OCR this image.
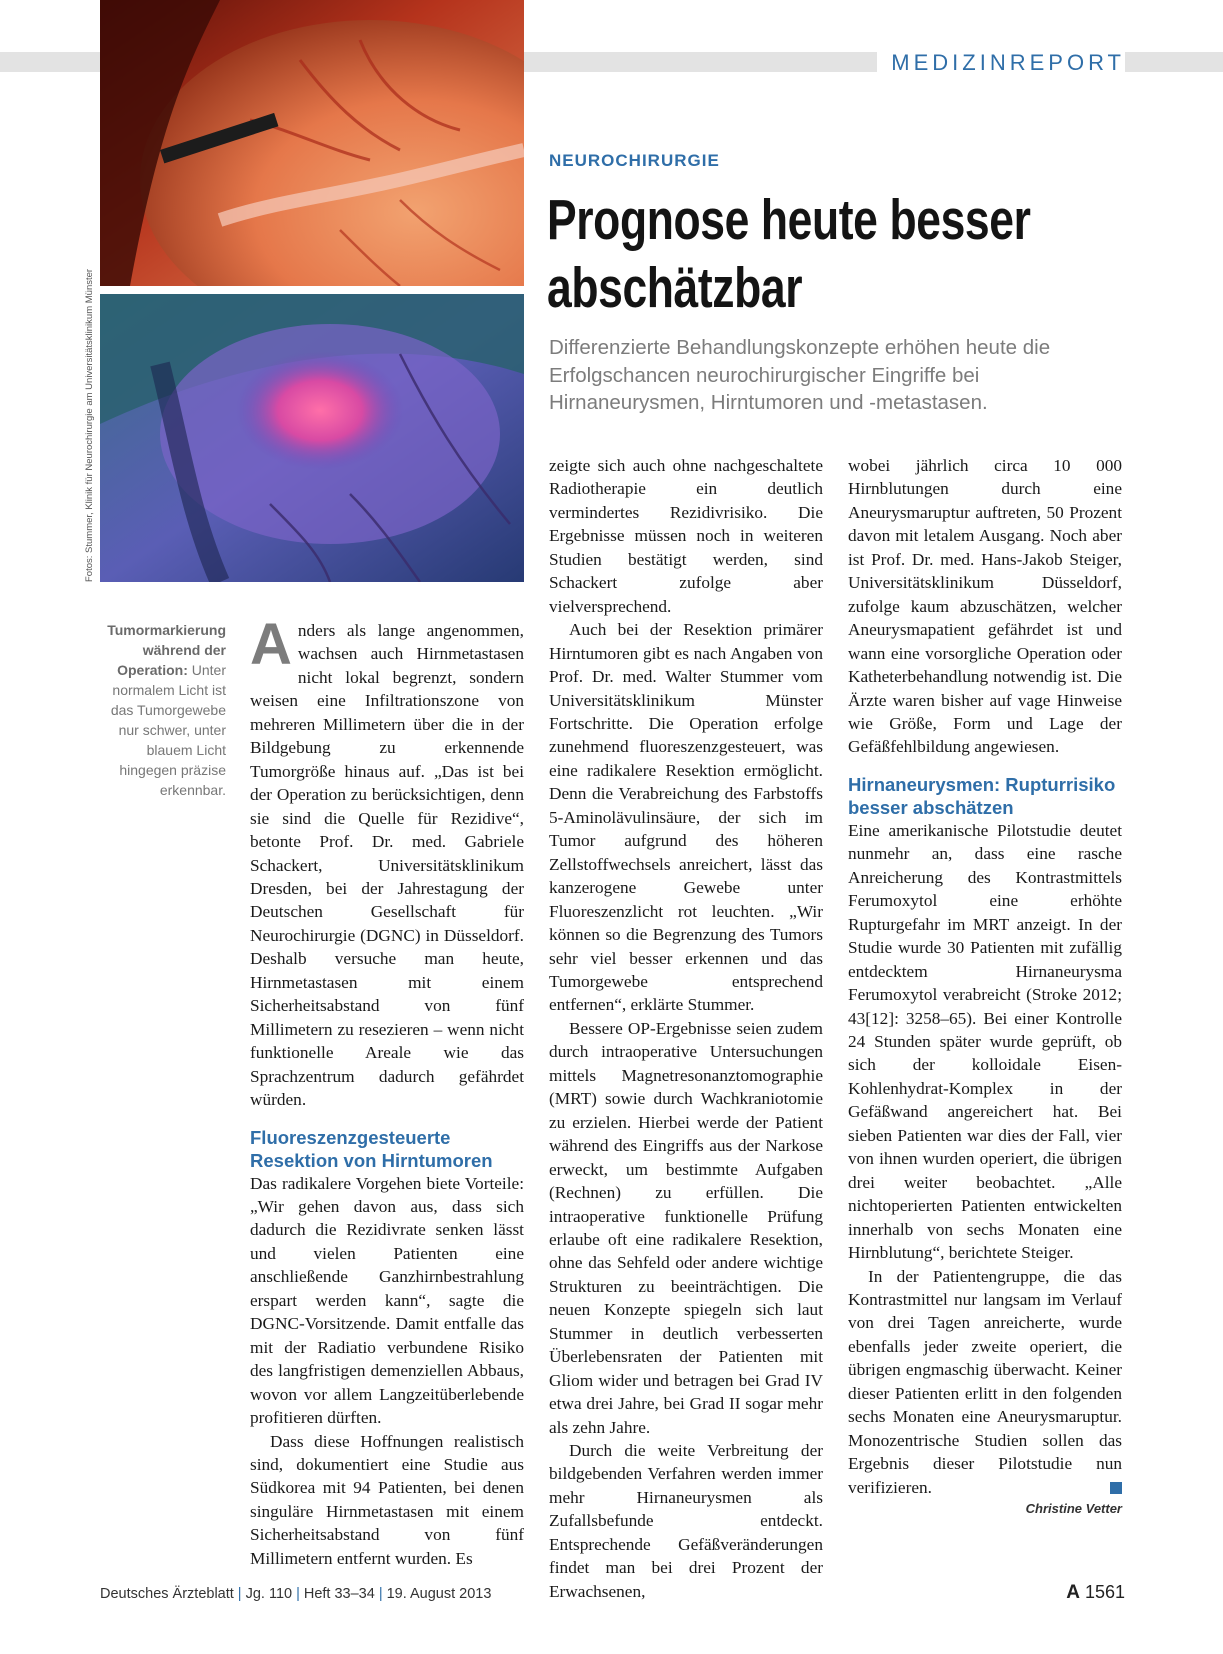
MEDIZINREPORT
Fotos: Stummer, Klinik für Neurochirurgie am Universitätsklinikum Münster
Tumormarkierung während der Operation: Unter normalem Licht ist das Tumorgewebe nur schwer, unter blauem Licht hingegen präzise erkennbar.
NEUROCHIRURGIE
Prognose heute besser
abschätzbar
Differenzierte Behandlungskonzepte erhöhen heute die Erfolgschancen neurochirurgischer Eingriffe bei Hirnaneurysmen, Hirntumoren und -metastasen.

Anders als lange angenommen, wachsen auch Hirnmetastasen nicht lokal begrenzt, sondern weisen eine Infiltrationszone von mehreren Millimetern über die in der Bildgebung zu erkennende Tumorgröße hinaus auf. „Das ist bei der Operation zu berücksichtigen, denn sie sind die Quelle für Rezidive“, betonte Prof. Dr. med. Gabriele Schackert, Universitätsklinikum Dresden, bei der Jahrestagung der Deutschen Gesellschaft für Neurochirurgie (DGNC) in Düsseldorf. Deshalb versuche man heute, Hirnmetastasen mit einem Sicherheitsabstand von fünf Millimetern zu resezieren – wenn nicht funktionelle Areale wie das Sprachzentrum dadurch gefährdet würden.

Fluoreszenzgesteuerte Resektion von Hirntumoren

Das radikalere Vorgehen biete Vorteile: „Wir gehen davon aus, dass sich dadurch die Rezidivrate senken lässt und vielen Patienten eine anschließende Ganzhirnbestrahlung erspart werden kann“, sagte die DGNC-Vorsitzende. Damit entfalle das mit der Radiatio verbundene Risiko des langfristigen demenziellen Abbaus, wovon vor allem Langzeitüberlebende profitieren dürften.

Dass diese Hoffnungen realistisch sind, dokumentiert eine Studie aus Südkorea mit 94 Patienten, bei denen singuläre Hirnmetastasen mit einem Sicherheitsabstand von fünf Millimetern entfernt wurden. Es

zeigte sich auch ohne nachgeschaltete Radiotherapie ein deutlich vermindertes Rezidivrisiko. Die Ergebnisse müssen noch in weiteren Studien bestätigt werden, sind Schackert zufolge aber vielversprechend.

Auch bei der Resektion primärer Hirntumoren gibt es nach Angaben von Prof. Dr. med. Walter Stummer vom Universitätsklinikum Münster Fortschritte. Die Operation erfolge zunehmend fluoreszenzgesteuert, was eine radikalere Resektion ermöglicht. Denn die Verabreichung des Farbstoffs 5-Aminolävulinsäure, der sich im Tumor aufgrund des höheren Zellstoffwechsels anreichert, lässt das kanzerogene Gewebe unter Fluoreszenzlicht rot leuchten. „Wir können so die Begrenzung des Tumors sehr viel besser erkennen und das Tumorgewebe entsprechend entfernen“, erklärte Stummer.

Bessere OP-Ergebnisse seien zudem durch intraoperative Untersuchungen mittels Magnetresonanztomographie (MRT) sowie durch Wachkraniotomie zu erzielen. Hierbei werde der Patient während des Eingriffs aus der Narkose erweckt, um bestimmte Aufgaben (Rechnen) zu erfüllen. Die intraoperative funktionelle Prüfung erlaube oft eine radikalere Resektion, ohne das Sehfeld oder andere wichtige Strukturen zu beeinträchtigen. Die neuen Konzepte spiegeln sich laut Stummer in deutlich verbesserten Überlebensraten der Patienten mit Gliom wider und betragen bei Grad IV etwa drei Jahre, bei Grad II sogar mehr als zehn Jahre.

Durch die weite Verbreitung der bildgebenden Verfahren werden immer mehr Hirnaneurysmen als Zufallsbefunde entdeckt. Entsprechende Gefäßveränderungen findet man bei drei Prozent der Erwachsenen,

wobei jährlich circa 10 000 Hirnblutungen durch eine Aneurysmaruptur auftreten, 50 Prozent davon mit letalem Ausgang. Noch aber ist Prof. Dr. med. Hans-Jakob Steiger, Universitätsklinikum Düsseldorf, zufolge kaum abzuschätzen, welcher Aneurysmapatient gefährdet ist und wann eine vorsorgliche Operation oder Katheterbehandlung notwendig ist. Die Ärzte waren bisher auf vage Hinweise wie Größe, Form und Lage der Gefäßfehlbildung angewiesen.

Hirnaneurysmen: Rupturrisiko besser abschätzen

Eine amerikanische Pilotstudie deutet nunmehr an, dass eine rasche Anreicherung des Kontrastmittels Ferumoxytol eine erhöhte Rupturgefahr im MRT anzeigt. In der Studie wurde 30 Patienten mit zufällig entdecktem Hirnaneurysma Ferumoxytol verabreicht (Stroke 2012; 43[12]: 3258–65). Bei einer Kontrolle 24 Stunden später wurde geprüft, ob sich der kolloidale Eisen-Kohlenhydrat-Komplex in der Gefäßwand angereichert hat. Bei sieben Patienten war dies der Fall, vier von ihnen wurden operiert, die übrigen drei weiter beobachtet. „Alle nichtoperierten Patienten entwickelten innerhalb von sechs Monaten eine Hirnblutung“, berichtete Steiger.

In der Patientengruppe, die das Kontrastmittel nur langsam im Verlauf von drei Tagen anreicherte, wurde ebenfalls jeder zweite operiert, die übrigen engmaschig überwacht. Keiner dieser Patienten erlitt in den folgenden sechs Monaten eine Aneurysmaruptur. Monozentrische Studien sollen das Ergebnis dieser Pilotstudie nun verifizieren.

Christine Vetter
Deutsches Ärzteblatt | Jg. 110 | Heft 33–34 | 19. August 2013	A 1561
